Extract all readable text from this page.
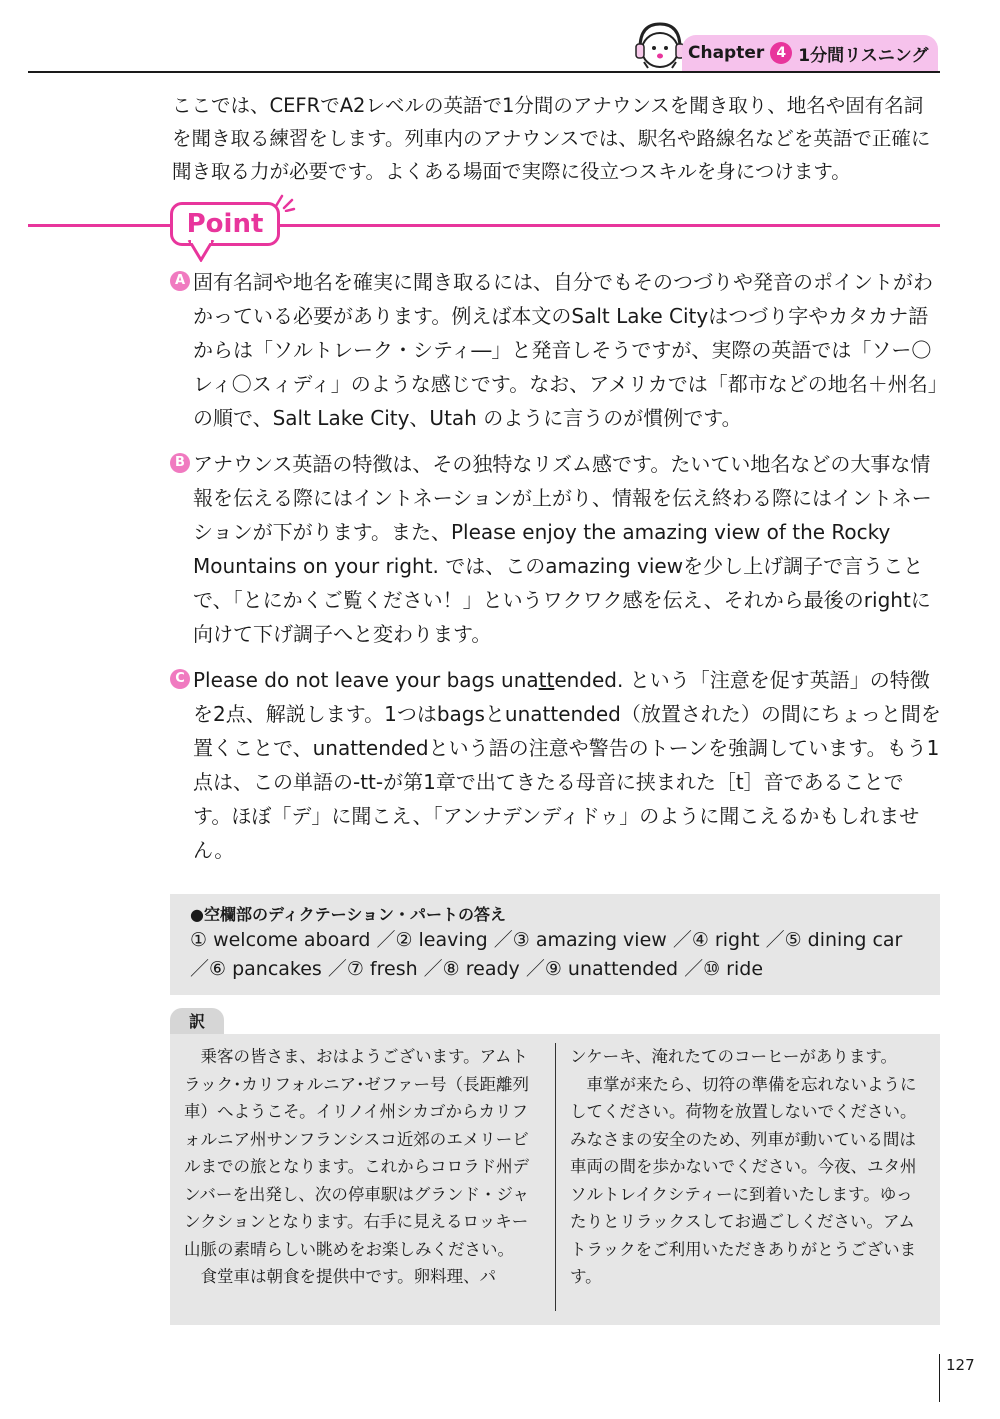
Chapter 4 1分間リスニング
ここでは、CEFRでA2レベルの英語で1分間のアナウンスを聞き取り、地名や固有名詞を聞き取る練習をします。列車内のアナウンスでは、駅名や路線名などを英語で正確に聞き取る力が必要です。よくある場面で実際に役立つスキルを身につけます。
Point
A 固有名詞や地名を確実に聞き取るには、自分でもそのつづりや発音のポイントがわかっている必要があります。例えば本文のSalt Lake Cityはつづり字やカタカナ語からは「ソルトレーク・シティ―」と発音しそうですが、実際の英語では「ソー〇レィ〇スィディ」のような感じです。なお、アメリカでは「都市などの地名＋州名」の順で、Salt Lake City、Utah のように言うのが慣例です。
B アナウンス英語の特徴は、その独特なリズム感です。たいてい地名などの大事な情報を伝える際にはイントネーションが上がり、情報を伝え終わる際にはイントネーションが下がります。また、Please enjoy the amazing view of the Rocky Mountains on your right. では、このamazing viewを少し上げ調子で言うことで、「とにかくご覧ください！」というワクワク感を伝え、それから最後のrightに向けて下げ調子へと変わります。
C Please do not leave your bags unattended. という「注意を促す英語」の特徴を2点、解説します。1つはbagsとunattended（放置された）の間にちょっと間を置くことで、unattendedという語の注意や警告のトーンを強調しています。もう1点は、この単語の-tt-が第1章で出てきたる母音に挟まれた［t］音であることです。ほぼ「デ」に聞こえ、「アンナデンディドゥ」のように聞こえるかもしれません。
●空欄部のディクテーション・パートの答え
① welcome aboard ／② leaving ／③ amazing view ／④ right ／⑤ dining car ／⑥ pancakes ／⑦ fresh ／⑧ ready ／⑨ unattended ／⑩ ride
訳

乗客の皆さま、おはようございます。アムトラック･カリフォルニア･ゼファー号（長距離列車）へようこそ。イリノイ州シカゴからカリフォルニア州サンフランシスコ近郊のエメリービルまでの旅となります。これからコロラド州デンバーを出発し、次の停車駅はグランド・ジャンクションとなります。右手に見えるロッキー山脈の素晴らしい眺めをお楽しみください。

食堂車は朝食を提供中です。卵料理、パ

ンケーキ、淹れたてのコーヒーがあります。

車掌が来たら、切符の準備を忘れないようにしてください。荷物を放置しないでください。みなさまの安全のため、列車が動いている間は車両の間を歩かないでください。今夜、ユタ州ソルトレイクシティーに到着いたします。ゆったりとリラックスしてお過ごしください。アムトラックをご利用いただきありがとうございます。

127
